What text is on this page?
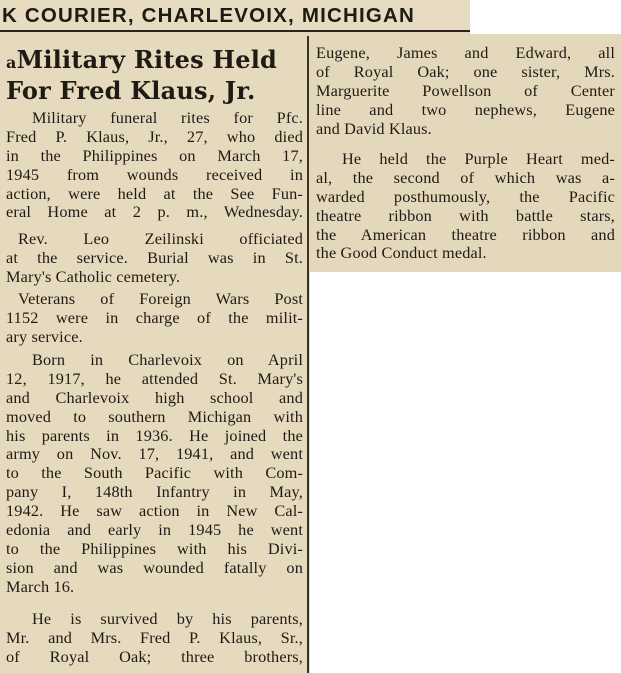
K COURIER, CHARLEVOIX, MICHIGAN
aMilitary Rites Held
For Fred Klaus, Jr.
Military funeral rites for Pfc.
Fred P. Klaus, Jr., 27, who died
in the Philippines on March 17,
1945 from wounds received in
action, were held at the See Fun-
eral Home at 2 p. m., Wednesday.
Rev. Leo Zeilinski officiated
at the service. Burial was in St.
Mary's Catholic cemetery.
Veterans of Foreign Wars Post
1152 were in charge of the milit-
ary service.
Born in Charlevoix on April
12, 1917, he attended St. Mary's
and Charlevoix high school and
moved to southern Michigan with
his parents in 1936. He joined the
army on Nov. 17, 1941, and went
to the South Pacific with Com-
pany I, 148th Infantry in May,
1942. He saw action in New Cal-
edonia and early in 1945 he went
to the Philippines with his Divi-
sion and was wounded fatally on
March 16.
He is survived by his parents,
Mr. and Mrs. Fred P. Klaus, Sr.,
of Royal Oak; three brothers,
Eugene, James and Edward, all
of Royal Oak; one sister, Mrs.
Marguerite Powellson of Center
line and two nephews, Eugene
and David Klaus.
He held the Purple Heart med-
al, the second of which was a-
warded posthumously, the Pacific
theatre ribbon with battle stars,
the American theatre ribbon and
the Good Conduct medal.
